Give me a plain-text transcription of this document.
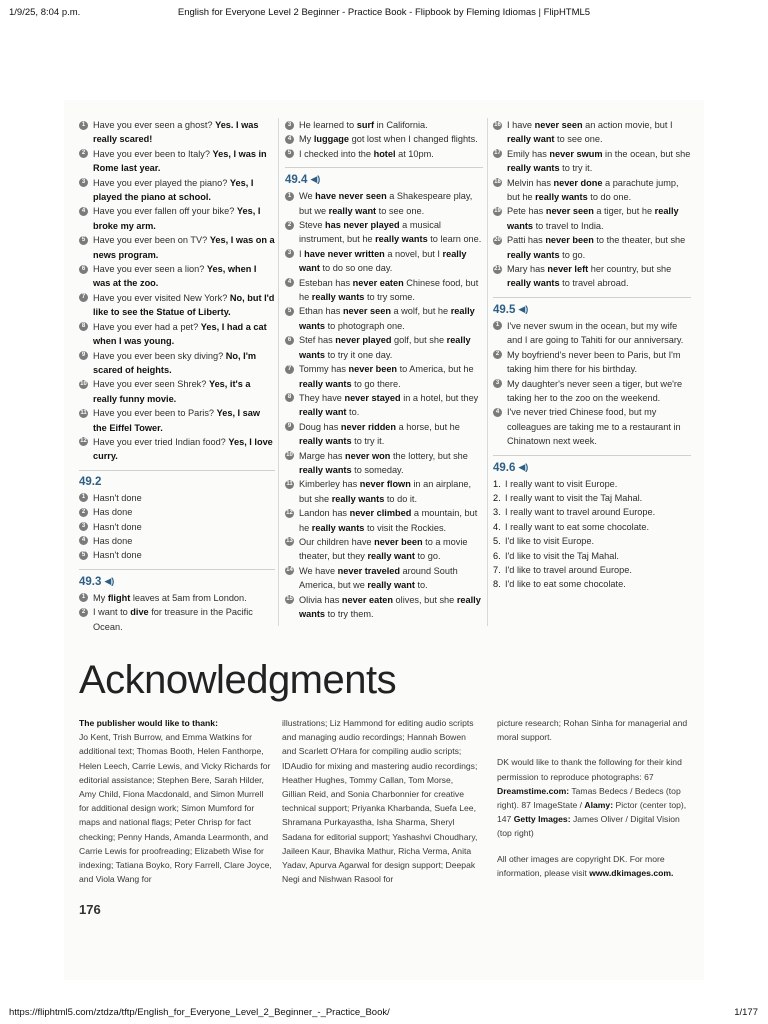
1/9/25, 8:04 p.m.	English for Everyone Level 2 Beginner - Practice Book - Flipbook by Fleming Idiomas | FlipHTML5
1 Have you ever seen a ghost? Yes. I was really scared!
2 Have you ever been to Italy? Yes, I was in Rome last year.
3 Have you ever played the piano? Yes, I played the piano at school.
4 Have you ever fallen off your bike? Yes, I broke my arm.
5 Have you ever been on TV? Yes, I was on a news program.
6 Have you ever seen a lion? Yes, when I was at the zoo.
7 Have you ever visited New York? No, but I'd like to see the Statue of Liberty.
8 Have you ever had a pet? Yes, I had a cat when I was young.
9 Have you ever been sky diving? No, I'm scared of heights.
10 Have you ever seen Shrek? Yes, it's a really funny movie.
11 Have you ever been to Paris? Yes, I saw the Eiffel Tower.
12 Have you ever tried Indian food? Yes, I love curry.
49.2
1 Hasn't done
2 Has done
3 Hasn't done
4 Has done
5 Hasn't done
49.3 ◀)
1 My flight leaves at 5am from London.
2 I want to dive for treasure in the Pacific Ocean.
3 He learned to surf in California.
4 My luggage got lost when I changed flights.
5 I checked into the hotel at 10pm.
49.4 ◀)
1 We have never seen a Shakespeare play, but we really want to see one.
2 Steve has never played a musical instrument, but he really wants to learn one.
3 I have never written a novel, but I really want to do so one day.
4 Esteban has never eaten Chinese food, but he really wants to try some.
5 Ethan has never seen a wolf, but he really wants to photograph one.
6 Stef has never played golf, but she really wants to try it one day.
7 Tommy has never been to America, but he really wants to go there.
8 They have never stayed in a hotel, but they really want to.
9 Doug has never ridden a horse, but he really wants to try it.
10 Marge has never won the lottery, but she really wants to someday.
11 Kimberley has never flown in an airplane, but she really wants to do it.
12 Landon has never climbed a mountain, but he really wants to visit the Rockies.
13 Our children have never been to a movie theater, but they really want to go.
14 We have never traveled around South America, but we really want to.
15 Olivia has never eaten olives, but she really wants to try them.
16 I have never seen an action movie, but I really want to see one.
17 Emily has never swum in the ocean, but she really wants to try it.
18 Melvin has never done a parachute jump, but he really wants to do one.
19 Pete has never seen a tiger, but he really wants to travel to India.
20 Patti has never been to the theater, but she really wants to go.
21 Mary has never left her country, but she really wants to travel abroad.
49.5 ◀)
1 I've never swum in the ocean, but my wife and I are going to Tahiti for our anniversary.
2 My boyfriend's never been to Paris, but I'm taking him there for his birthday.
3 My daughter's never seen a tiger, but we're taking her to the zoo on the weekend.
4 I've never tried Chinese food, but my colleagues are taking me to a restaurant in Chinatown next week.
49.6 ◀)
1. I really want to visit Europe.
2. I really want to visit the Taj Mahal.
3. I really want to travel around Europe.
4. I really want to eat some chocolate.
5. I'd like to visit Europe.
6. I'd like to visit the Taj Mahal.
7. I'd like to travel around Europe.
8. I'd like to eat some chocolate.
Acknowledgments
The publisher would like to thank:
Jo Kent, Trish Burrow, and Emma Watkins for additional text; Thomas Booth, Helen Fanthorpe, Helen Leech, Carrie Lewis, and Vicky Richards for editorial assistance; Stephen Bere, Sarah Hilder, Amy Child, Fiona Macdonald, and Simon Murrell for additional design work; Simon Mumford for maps and national flags; Peter Chrisp for fact checking; Penny Hands, Amanda Learmonth, and Carrie Lewis for proofreading; Elizabeth Wise for indexing; Tatiana Boyko, Rory Farrell, Clare Joyce, and Viola Wang for
illustrations; Liz Hammond for editing audio scripts and managing audio recordings; Hannah Bowen and Scarlett O'Hara for compiling audio scripts; IDAudio for mixing and mastering audio recordings; Heather Hughes, Tommy Callan, Tom Morse, Gillian Reid, and Sonia Charbonnier for creative technical support; Priyanka Kharbanda, Suefa Lee, Shramana Purkayastha, Isha Sharma, Sheryl Sadana for editorial support; Yashashvi Choudhary, Jaileen Kaur, Bhavika Mathur, Richa Verma, Anita Yadav, Apurva Agarwal for design support; Deepak Negi and Nishwan Rasool for

picture research; Rohan Sinha for managerial and moral support.

DK would like to thank the following for their kind permission to reproduce photographs: 67 Dreamstime.com: Tamas Bedecs / Bedecs (top right). 87 ImageState / Alamy: Pictor (center top), 147 Getty Images: James Oliver / Digital Vision (top right)

All other images are copyright DK. For more information, please visit www.dkimages.com.

176
https://fliphtml5.com/ztdza/tftp/English_for_Everyone_Level_2_Beginner_-_Practice_Book/	1/177
